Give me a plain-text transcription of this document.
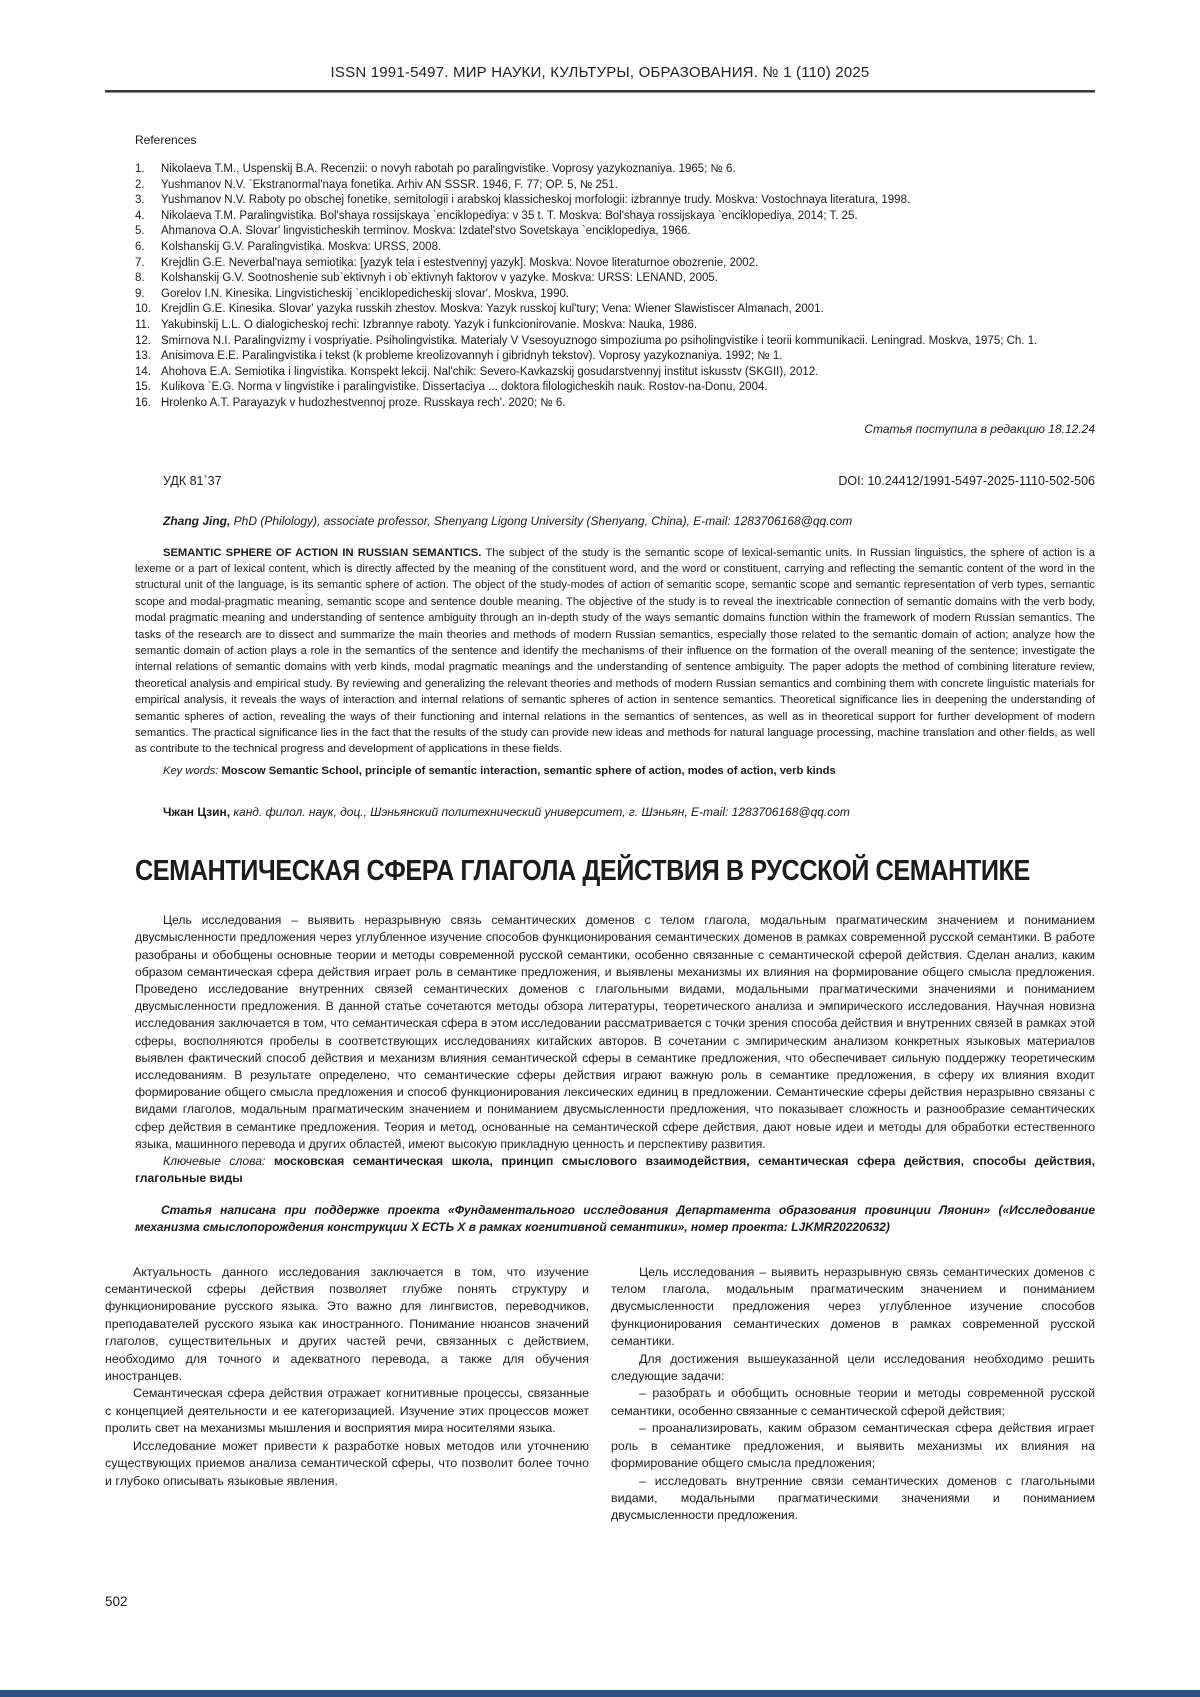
ISSN 1991-5497. МИР НАУКИ, КУЛЬТУРЫ, ОБРАЗОВАНИЯ. № 1 (110) 2025
References
1.	Nikolaeva T.M., Uspenskij B.A. Recenzii: o novyh rabotah po paralingvistike. Voprosy yazykoznaniya. 1965; № 6.
2.	Yushmanov N.V. `Ekstranormal'naya fonetika. Arhiv AN SSSR. 1946, F. 77; OP. 5, № 251.
3.	Yushmanov N.V. Raboty po obschej fonetike, semitologii i arabskoj klassicheskoj morfologii: izbrannye trudy. Moskva: Vostochnaya literatura, 1998.
4.	Nikolaeva T.M. Paralingvistika. Bol'shaya rossijskaya `enciklopediya: v 35 t. T. Moskva: Bol'shaya rossijskaya `enciklopediya, 2014; T. 25.
5.	Ahmanova O.A. Slovar' lingvisticheskih terminov. Moskva: Izdatel'stvo Sovetskaya `enciklopediya, 1966.
6.	Kolshanskij G.V. Paralingvistika. Moskva: URSS, 2008.
7.	Krejdlin G.E. Neverbal'naya semiotika: [yazyk tela i estestvennyj yazyk]. Moskva: Novoe literaturnoe obozrenie, 2002.
8.	Kolshanskij G.V. Sootnoshenie sub`ektivnyh i ob`ektivnyh faktorov v yazyke. Moskva: URSS: LENAND, 2005.
9.	Gorelov I.N. Kinesika. Lingvisticheskij `enciklopedicheskij slovar'. Moskva, 1990.
10. Krejdlin G.E. Kinesika. Slovar' yazyka russkih zhestov. Moskva: Yazyk russkoj kul'tury; Vena: Wiener Slawistiscer Almanach, 2001.
11. Yakubinskij L.L. O dialogicheskoj rechi: Izbrannye raboty. Yazyk i funkcionirovanie. Moskva: Nauka, 1986.
12. Smirnova N.I. Paralingvizmy i vospriyatie. Psiholingvistika. Materialy V Vsesoyuznogo simpoziuma po psiholingvistike i teorii kommunikacii. Leningrad. Moskva, 1975; Ch. 1.
13. Anisimova E.E. Paralingvistika i tekst (k probleme kreolizovannyh i gibridnyh tekstov). Voprosy yazykoznaniya. 1992; № 1.
14. Ahohova E.A. Semiotika i lingvistika. Konspekt lekcij. Nal'chik: Severo-Kavkazskij gosudarstvennyj institut iskusstv (SKGII), 2012.
15. Kulikova `E.G. Norma v lingvistike i paralingvistike. Dissertaciya ... doktora filologicheskih nauk. Rostov-na-Donu, 2004.
16. Hrolenko A.T. Parayazyk v hudozhestvennoj proze. Russkaya rech'. 2020; № 6.
Статья поступила в редакцию 18.12.24
УДК 81`37	DOI: 10.24412/1991-5497-2025-1110-502-506
Zhang Jing, PhD (Philology), associate professor, Shenyang Ligong University (Shenyang, China), E-mail: 1283706168@qq.com
SEMANTIC SPHERE OF ACTION IN RUSSIAN SEMANTICS. The subject of the study is the semantic scope of lexical-semantic units. In Russian linguistics, the sphere of action is a lexeme or a part of lexical content, which is directly affected by the meaning of the constituent word, and the word or constituent, carrying and reflecting the semantic content of the word in the structural unit of the language, is its semantic sphere of action. The object of the study-modes of action of semantic scope, semantic scope and semantic representation of verb types, semantic scope and modal-pragmatic meaning, semantic scope and sentence double meaning. The objective of the study is to reveal the inextricable connection of semantic domains with the verb body, modal pragmatic meaning and understanding of sentence ambiguity through an in-depth study of the ways semantic domains function within the framework of modern Russian semantics. The tasks of the research are to dissect and summarize the main theories and methods of modern Russian semantics, especially those related to the semantic domain of action; analyze how the semantic domain of action plays a role in the semantics of the sentence and identify the mechanisms of their influence on the formation of the overall meaning of the sentence; investigate the internal relations of semantic domains with verb kinds, modal pragmatic meanings and the understanding of sentence ambiguity. The paper adopts the method of combining literature review, theoretical analysis and empirical study. By reviewing and generalizing the relevant theories and methods of modern Russian semantics and combining them with concrete linguistic materials for empirical analysis, it reveals the ways of interaction and internal relations of semantic spheres of action in sentence semantics. Theoretical significance lies in deepening the understanding of semantic spheres of action, revealing the ways of their functioning and internal relations in the semantics of sentences, as well as in theoretical support for further development of modern semantics. The practical significance lies in the fact that the results of the study can provide new ideas and methods for natural language processing, machine translation and other fields, as well as contribute to the technical progress and development of applications in these fields.
Key words: Moscow Semantic School, principle of semantic interaction, semantic sphere of action, modes of action, verb kinds
Чжан Цзин, канд. филол. наук, доц., Шэньянский политехнический университет, г. Шэньян, E-mail: 1283706168@qq.com
СЕМАНТИЧЕСКАЯ СФЕРА ГЛАГОЛА ДЕЙСТВИЯ В РУССКОЙ СЕМАНТИКЕ
Цель исследования – выявить неразрывную связь семантических доменов с телом глагола, модальным прагматическим значением и пониманием двусмысленности предложения через углубленное изучение способов функционирования семантических доменов в рамках современной русской семантики. В работе разобраны и обобщены основные теории и методы современной русской семантики, особенно связанные с семантической сферой действия. Сделан анализ, каким образом семантическая сфера действия играет роль в семантике предложения, и выявлены механизмы их влияния на формирование общего смысла предложения. Проведено исследование внутренних связей семантических доменов с глагольными видами, модальными прагматическими значениями и пониманием двусмысленности предложения. В данной статье сочетаются методы обзора литературы, теоретического анализа и эмпирического исследования. Научная новизна исследования заключается в том, что семантическая сфера в этом исследовании рассматривается с точки зрения способа действия и внутренних связей в рамках этой сферы, восполняются пробелы в соответствующих исследованиях китайских авторов. В сочетании с эмпирическим анализом конкретных языковых материалов выявлен фактический способ действия и механизм влияния семантической сферы в семантике предложения, что обеспечивает сильную поддержку теоретическим исследованиям. В результате определено, что семантические сферы действия играют важную роль в семантике предложения, в сферу их влияния входит формирование общего смысла предложения и способ функционирования лексических единиц в предложении. Семантические сферы действия неразрывно связаны с видами глаголов, модальным прагматическим значением и пониманием двусмысленности предложения, что показывает сложность и разнообразие семантических сфер действия в семантике предложения. Теория и метод, основанные на семантической сфере действия, дают новые идеи и методы для обработки естественного языка, машинного перевода и других областей, имеют высокую прикладную ценность и перспективу развития.
Ключевые слова: московская семантическая школа, принцип смыслового взаимодействия, семантическая сфера действия, способы действия, глагольные виды
Статья написана при поддержке проекта «Фундаментального исследования Департамента образования провинции Ляонин» («Исследование механизма смыслопорождения конструкции Х ЕСТЬ Х в рамках когнитивной семантики», номер проекта: LJKMR20220632)

Актуальность данного исследования заключается в том, что изучение семантической сферы действия позволяет глубже понять структуру и функционирование русского языка. Это важно для лингвистов, переводчиков, преподавателей русского языка как иностранного. Понимание нюансов значений глаголов, существительных и других частей речи, связанных с действием, необходимо для точного и адекватного перевода, а также для обучения иностранцев.

Семантическая сфера действия отражает когнитивные процессы, связанные с концепцией деятельности и ее категоризацией. Изучение этих процессов может пролить свет на механизмы мышления и восприятия мира носителями языка.

Исследование может привести к разработке новых методов или уточнению существующих приемов анализа семантической сферы, что позволит более точно и глубоко описывать языковые явления.

Цель исследования – выявить неразрывную связь семантических доменов с телом глагола, модальным прагматическим значением и пониманием двусмысленности предложения через углубленное изучение способов функционирования семантических доменов в рамках современной русской семантики.

Для достижения вышеуказанной цели исследования необходимо решить следующие задачи:

– разобрать и обобщить основные теории и методы современной русской семантики, особенно связанные с семантической сферой действия;

– проанализировать, каким образом семантическая сфера действия играет роль в семантике предложения, и выявить механизмы их влияния на формирование общего смысла предложения;

– исследовать внутренние связи семантических доменов с глагольными видами, модальными прагматическими значениями и пониманием двусмысленности предложения.

502
